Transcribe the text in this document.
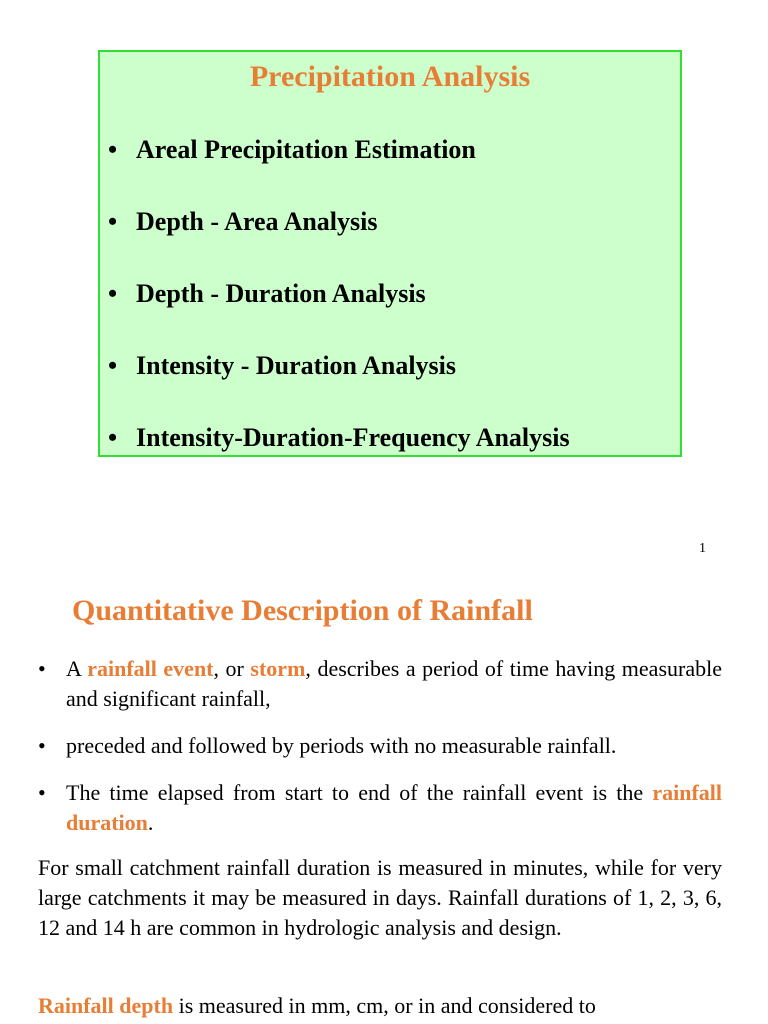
Precipitation Analysis
• Areal Precipitation Estimation
• Depth - Area Analysis
• Depth - Duration Analysis
• Intensity - Duration Analysis
• Intensity-Duration-Frequency Analysis
1
Quantitative Description of Rainfall
• A rainfall event, or storm, describes a period of time having measurable and significant rainfall,
• preceded and followed by periods with no measurable rainfall.
• The time elapsed from start to end of the rainfall event is the rainfall duration.

For small catchment rainfall duration is measured in minutes, while for very large catchments it may be measured in days. Rainfall durations of 1, 2, 3, 6, 12 and 14 h are common in hydrologic analysis and design.

Rainfall depth is measured in mm, cm, or in and considered to
